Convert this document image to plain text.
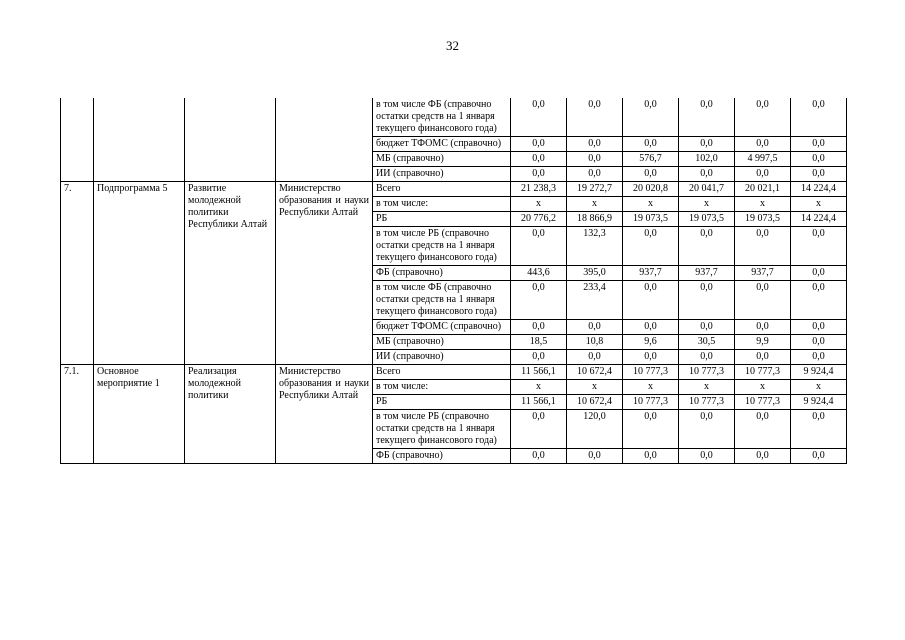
32
				в том числе ФБ (справочно остатки средств на 1 января текущего финансового года)	0,0	0,0	0,0	0,0	0,0	0,0
				бюджет ТФОМС (справочно)	0,0	0,0	0,0	0,0	0,0	0,0
				МБ (справочно)	0,0	0,0	576,7	102,0	4 997,5	0,0
				ИИ (справочно)	0,0	0,0	0,0	0,0	0,0	0,0
7.	Подпрограмма 5	Развитие молодежной политики Республики Алтай	Министерство образования и науки Республики Алтай	Всего	21 238,3	19 272,7	20 020,8	20 041,7	20 021,1	14 224,4
				в том числе:	х	х	х	х	х	х
				РБ	20 776,2	18 866,9	19 073,5	19 073,5	19 073,5	14 224,4
				в том числе РБ (справочно остатки средств на 1 января текущего финансового года)	0,0	132,3	0,0	0,0	0,0	0,0
				ФБ (справочно)	443,6	395,0	937,7	937,7	937,7	0,0
				в том числе ФБ (справочно остатки средств на 1 января текущего финансового года)	0,0	233,4	0,0	0,0	0,0	0,0
				бюджет ТФОМС (справочно)	0,0	0,0	0,0	0,0	0,0	0,0
				МБ (справочно)	18,5	10,8	9,6	30,5	9,9	0,0
				ИИ (справочно)	0,0	0,0	0,0	0,0	0,0	0,0
7.1.	Основное мероприятие 1	Реализация молодежной политики	Министерство образования и науки Республики Алтай	Всего	11 566,1	10 672,4	10 777,3	10 777,3	10 777,3	9 924,4
				в том числе:	х	х	х	х	х	х
				РБ	11 566,1	10 672,4	10 777,3	10 777,3	10 777,3	9 924,4
				в том числе РБ (справочно остатки средств на 1 января текущего финансового года)	0,0	120,0	0,0	0,0	0,0	0,0
				ФБ (справочно)	0,0	0,0	0,0	0,0	0,0	0,0
